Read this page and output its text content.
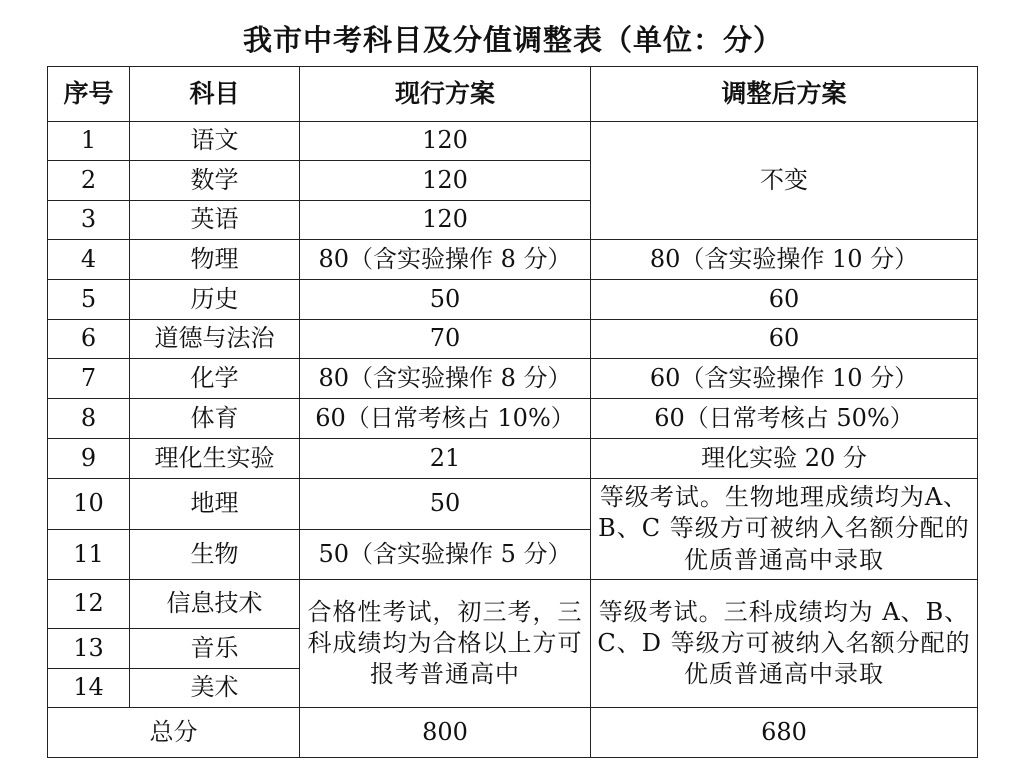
我市中考科目及分值调整表（单位：分）
序号	科目	现行方案	调整后方案
1	语文	120	不变
2	数学	120	
3	英语	120	
4	物理	80（含实验操作 8 分）	80（含实验操作 10 分）
5	历史	50	60
6	道德与法治	70	60
7	化学	80（含实验操作 8 分）	60（含实验操作 10 分）
8	体育	60（日常考核占 10%）	60（日常考核占 50%）
9	理化生实验	21	理化实验 20 分
10	地理	50	等级考试。生物地理成绩均为A、B、C 等级方可被纳入名额分配的优质普通高中录取

11	生物	50（含实验操作 5 分）	
12	信息技术	合格性考试，初三考，三科成绩均为合格以上方可报考普通高中	等级考试。三科成绩均为 A、B、C、D 等级方可被纳入名额分配的优质普通高中录取

13	音乐		
14	美术		
总分		800	680
